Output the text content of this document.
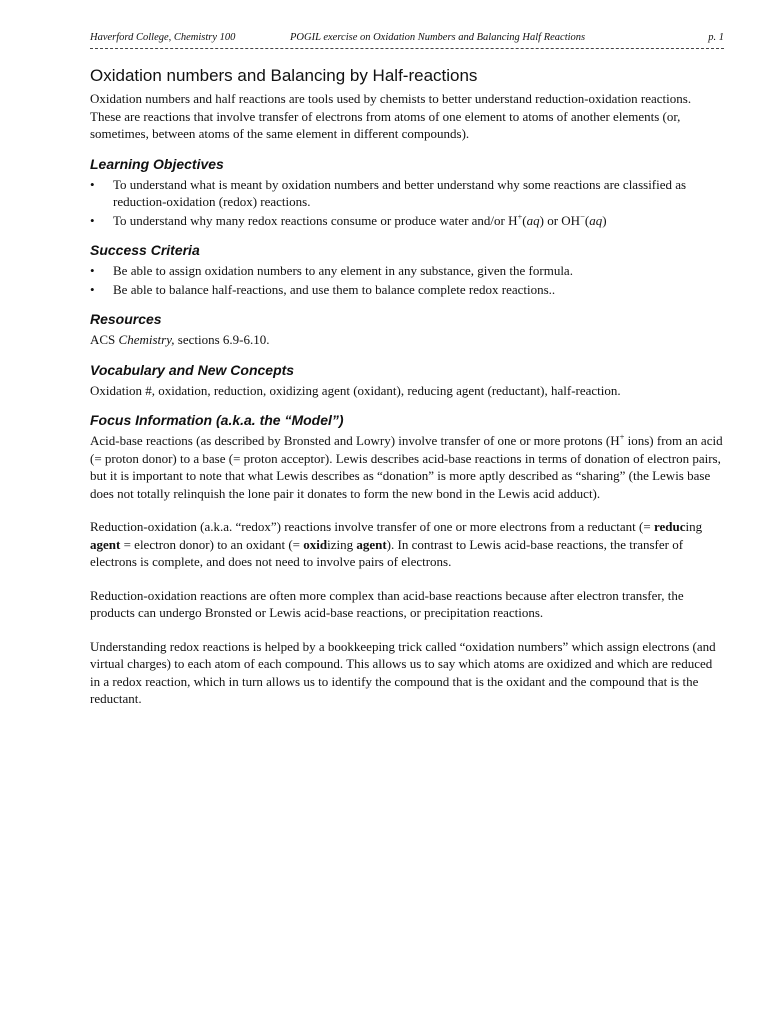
Haverford College, Chemistry 100	POGIL exercise on Oxidation Numbers and Balancing Half Reactions	p. 1
Oxidation numbers and Balancing by Half-reactions

Oxidation numbers and half reactions are tools used by chemists to better understand reduction-oxidation reactions. These are reactions that involve transfer of electrons from atoms of one element to atoms of another elements (or, sometimes, between atoms of the same element in different compounds).

Learning Objectives
• To understand what is meant by oxidation numbers and better understand why some reactions are classified as reduction-oxidation (redox) reactions.
• To understand why many redox reactions consume or produce water and/or H+(aq) or OH−(aq)
Success Criteria
• Be able to assign oxidation numbers to any element in any substance, given the formula.
• Be able to balance half-reactions, and use them to balance complete redox reactions..
Resources

ACS Chemistry, sections 6.9-6.10.

Vocabulary and New Concepts

Oxidation #, oxidation, reduction, oxidizing agent (oxidant), reducing agent (reductant), half-reaction.

Focus Information (a.k.a. the “Model”)

Acid-base reactions (as described by Bronsted and Lowry) involve transfer of one or more protons (H+ ions) from an acid (= proton donor) to a base (= proton acceptor). Lewis describes acid-base reactions in terms of donation of electron pairs, but it is important to note that what Lewis describes as “donation” is more aptly described as “sharing” (the Lewis base does not totally relinquish the lone pair it donates to form the new bond in the Lewis acid adduct).

Reduction-oxidation (a.k.a. “redox”) reactions involve transfer of one or more electrons from a reductant (= reducing agent = electron donor) to an oxidant (= oxidizing agent). In contrast to Lewis acid-base reactions, the transfer of electrons is complete, and does not need to involve pairs of electrons.

Reduction-oxidation reactions are often more complex than acid-base reactions because after electron transfer, the products can undergo Bronsted or Lewis acid-base reactions, or precipitation reactions.

Understanding redox reactions is helped by a bookkeeping trick called “oxidation numbers” which assign electrons (and virtual charges) to each atom of each compound. This allows us to say which atoms are oxidized and which are reduced in a redox reaction, which in turn allows us to identify the compound that is the oxidant and the compound that is the reductant.
